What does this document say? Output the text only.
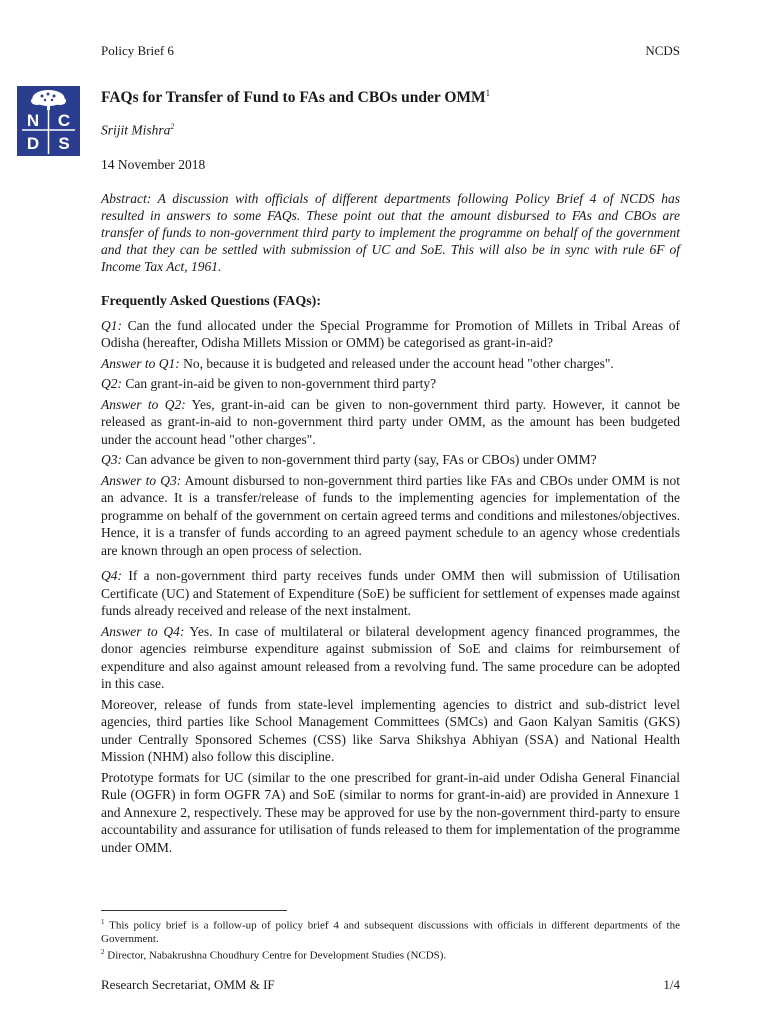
Policy Brief 6	NCDS
N C
D S
FAQs for Transfer of Fund to FAs and CBOs under OMM$^1$
Srijit Mishra$^2$
14 November 2018
Abstract: A discussion with officials of different departments following Policy Brief 4 of NCDS has resulted in answers to some FAQs. These point out that the amount disbursed to FAs and CBOs are transfer of funds to non-government third party to implement the programme on behalf of the government and that they can be settled with submission of UC and SoE. This will also be in sync with rule 6F of Income Tax Act, 1961.

Frequently Asked Questions (FAQs):

Q1: Can the fund allocated under the Special Programme for Promotion of Millets in Tribal Areas of Odisha (hereafter, Odisha Millets Mission or OMM) be categorised as grant-in-aid?

Answer to Q1: No, because it is budgeted and released under the account head "other charges".

Q2: Can grant-in-aid be given to non-government third party?

Answer to Q2: Yes, grant-in-aid can be given to non-government third party. However, it cannot be released as grant-in-aid to non-government third party under OMM, as the amount has been budgeted under the account head "other charges".

Q3: Can advance be given to non-government third party (say, FAs or CBOs) under OMM?

Answer to Q3: Amount disbursed to non-government third parties like FAs and CBOs under OMM is not an advance. It is a transfer/release of funds to the implementing agencies for implementation of the programme on behalf of the government on certain agreed terms and conditions and milestones/objectives. Hence, it is a transfer of funds according to an agreed payment schedule to an agency whose credentials are known through an open process of selection.

Q4: If a non-government third party receives funds under OMM then will submission of Utilisation Certificate (UC) and Statement of Expenditure (SoE) be sufficient for settlement of expenses made against funds already received and release of the next instalment.

Answer to Q4: Yes. In case of multilateral or bilateral development agency financed programmes, the donor agencies reimburse expenditure against submission of SoE and claims for reimbursement of expenditure and also against amount released from a revolving fund. The same procedure can be adopted in this case.

Moreover, release of funds from state-level implementing agencies to district and sub-district level agencies, third parties like School Management Committees (SMCs) and Gaon Kalyan Samitis (GKS) under Centrally Sponsored Schemes (CSS) like Sarva Shikshya Abhiyan (SSA) and National Health Mission (NHM) also follow this discipline.

Prototype formats for UC (similar to the one prescribed for grant-in-aid under Odisha General Financial Rule (OGFR) in form OGFR 7A) and SoE (similar to norms for grant-in-aid) are provided in Annexure 1 and Annexure 2, respectively. These may be approved for use by the non-government third-party to ensure accountability and assurance for utilisation of funds released to them for implementation of the programme under OMM.

$^1$ This policy brief is a follow-up of policy brief 4 and subsequent discussions with officials in different departments of the Government.

$^2$ Director, Nabakrushna Choudhury Centre for Development Studies (NCDS).

Research Secretariat, OMM & IF	1/4
